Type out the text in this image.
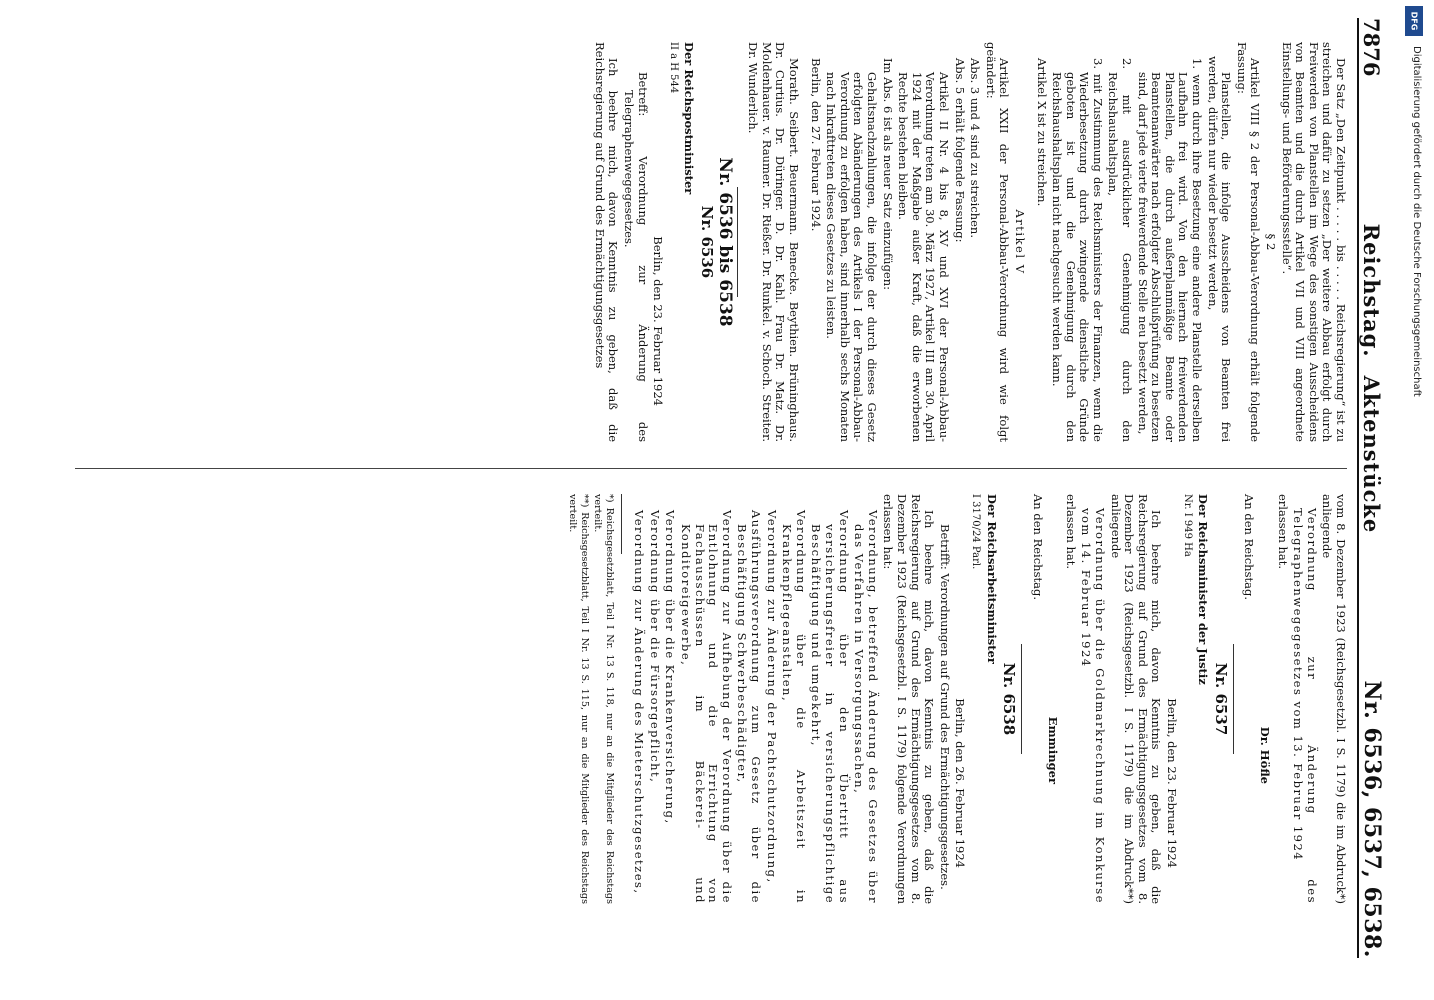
7876
Reichstag.Aktenstücke
Nr. 6536, 6537, 6538.

Der Satz „Den Zeitpunkt . . . . . bis . . . . . Reichsregierung“ ist zu streichen und dafür zu setzen „Der weitere Abbau erfolgt durch Freiwerden von Planstellen im Wege des sonstigen Ausscheidens von Beamten und die durch Artikel VII und VIII angeordnete Einstellungs- und Beförderungssstelle“.

§ 2

Artikel VIII § 2 der Personal-Abbau-Verordnung erhält folgende Fassung:

Planstellen, die infolge Ausscheidens von Beamten frei werden, dürfen nur wieder besetzt werden,

1. wenn durch ihre Besetzung eine andere Planstelle derselben Laufbahn frei wird. Von den hiernach freiwerdenden Planstellen, die durch außerplanmäßige Beamte oder Beamtenanwärter nach erfolgter Abschlußprüfung zu besetzen sind, darf jede vierte freiwerdende Stelle neu besetzt werden,

2. mit ausdrücklicher Genehmigung durch den Reichshaushaltsplan,

3. mit Zustimmung des Reichsministers der Finanzen, wenn die Wiederbesetzung durch zwingende dienstliche Gründe geboten ist und die Genehmigung durch den Reichshaushaltsplan nicht nachgesucht werden kann.

Artikel X ist zu streichen.

Artikel V

Artikel XXII der Personal-Abbau-Verordnung wird wie folgt geändert:

Abs. 3 und 4 sind zu streichen.

Abs. 5 erhält folgende Fassung:

Artikel II Nr. 4 bis 8, XV und XVI der Personal-Abbau-Verordnung treten am 30. März 1927, Artikel III am 30. April 1924 mit der Maßgabe außer Kraft, daß die erworbenen Rechte bestehen bleiben.

Im Abs. 6 ist als neuer Satz einzufügen:

Gehaltsnachzahlungen, die infolge der durch dieses Gesetz erfolgten Abänderungen des Artikels I der Personal-Abbau-Verordnung zu erfolgen haben, sind innerhalb sechs Monaten nach Inkrafttreten dieses Gesetzes zu leisten.

Berlin, den 27. Februar 1924.

Morath. Seibert. Beuermann. Benecke. Beythien. Brüninghaus. Dr. Curtius. Dr. Düringer. D. Dr. Kahl. Frau Dr. Matz. Dr. Moldenhauer. v. Raumer. Dr. Rießer. Dr. Runkel. v. Schoch. Streiter. Dr. Wunderlich.

Nr. 6536 bis 6538

Nr. 6536

Der Reichspostminister

II a H 544

Berlin, den 23. Februar 1924

Betreff: Verordnung zur Änderung des Telegraphenwegegesetzes.

Ich beehre mich, davon Kenntnis zu geben, daß die Reichsregierung auf Grund des Ermächtigungsgesetzes

vom 8. Dezember 1923 (Reichsgesetzbl. I S. 1179) die im Abdruck*) anliegende

Verordnung zur Änderung des Telegraphenwegegesetzes vom 13. Februar 1924

erlassen hat.

Dr. Höfle

An den Reichstag.

Nr. 6537

Der Reichsminister der Justiz

Nr. I 949 Ha

Berlin, den 23. Februar 1924

Ich beehre mich, davon Kenntnis zu geben, daß die Reichsregierung auf Grund des Ermächtigungsgesetzes vom 8. Dezember 1923 (Reichsgesetzbl. I S. 1179) die im Abdruck**) anliegende

Verordnung über die Goldmarkrechnung im Konkurse vom 14. Februar 1924

erlassen hat.

Emminger

An den Reichstag.

Nr. 6538

Der Reichsarbeitsminister

I 3170/24 Parl.

Berlin, den 26. Februar 1924

Betrifft: Verordnungen auf Grund des Ermächtigungsgesetzes.

Ich beehre mich, davon Kenntnis zu geben, daß die Reichsregierung auf Grund des Ermächtigungsgesetzes vom 8. Dezember 1923 (Reichsgesetzbl. I S. 1179) folgende Verordnungen erlassen hat:

Verordnung, betreffend Änderung des Gesetzes über das Verfahren in Versorgungssachen,

Verordnung über den Übertritt aus versicherungsfreier in versicherungspflichtige Beschäftigung und umgekehrt,

Verordnung über die Arbeitszeit in Krankenpflegeanstalten,

Verordnung zur Änderung der Pachtschutzordnung,

Ausführungsverordnung zum Gesetz über die Beschäftigung Schwerbeschädigter,

Verordnung zur Aufhebung der Verordnung über die Entlohnung und die Errichtung von Fachausschüssen im Bäckerei- und Konditoreigewerbe,

Verordnung über die Krankenversicherung,

Verordnung über die Fürsorgepflicht,

Verordnung zur Änderung des Mieterschutzgesetzes,

*) Reichsgesetzblatt, Teil I Nr. 13 S. 118, nur an die Mitglieder des Reichstags verteilt.

**) Reichsgesetzblatt, Teil I Nr. 13 S. 115, nur an die Mitglieder des Reichstags verteilt.

DFG
Digitalisierung gefördert durch die Deutsche Forschungsgemeinschaft
